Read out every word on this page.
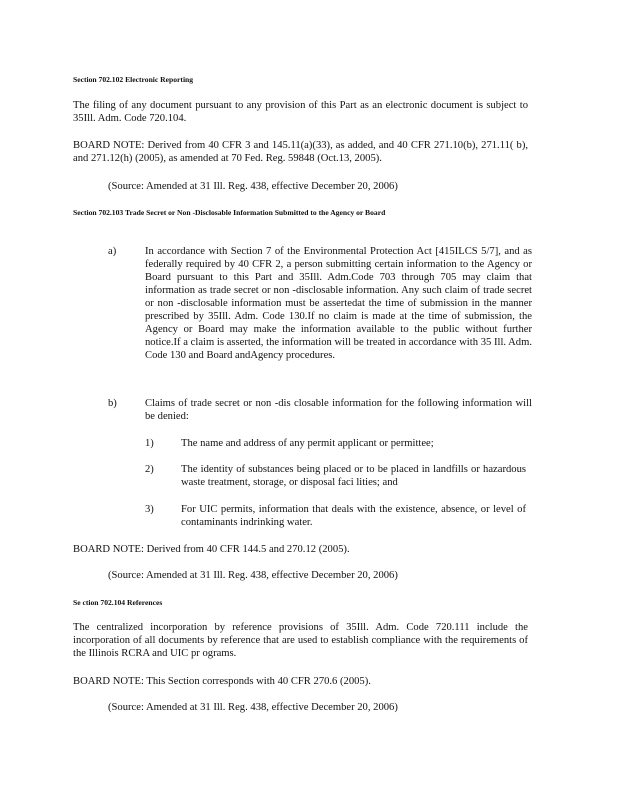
Section 702.102 Electronic Reporting
The filing of any document pursuant to any provision of this Part as an electronic document is subject to 35Ill. Adm. Code 720.104.
BOARD NOTE: Derived from 40 CFR 3 and 145.11(a)(33), as added, and 40 CFR 271.10(b), 271.11( b), and 271.12(h) (2005), as amended at 70 Fed. Reg. 59848 (Oct.13, 2005).
(Source: Amended at 31 Ill. Reg. 438, effective December 20, 2006)
Section 702.103 Trade Secret or Non -Disclosable Information Submitted to the Agency or Board
a)	In accordance with Section 7 of the Environmental Protection Act [415ILCS 5/7], and as federally required by 40 CFR 2, a person submitting certain information to the Agency or Board pursuant to this Part and 35Ill. Adm.Code 703 through 705 may claim that information as trade secret or non -disclosable information. Any such claim of trade secret or non -disclosable information must be assertedat the time of submission in the manner prescribed by 35Ill. Adm. Code 130.If no claim is made at the time of submission, the Agency or Board may make the information available to the public without further notice.If a claim is asserted, the information will be treated in accordance with 35 Ill. Adm. Code 130 and Board andAgency procedures.
b)	Claims of trade secret or non -dis closable information for the following information will be denied:
1)	The name and address of any permit applicant or permittee;
2)	The identity of substances being placed or to be placed in landfills or hazardous waste treatment, storage, or disposal faci lities; and
3)	For UIC permits, information that deals with the existence, absence, or level of contaminants indrinking water.
BOARD NOTE: Derived from 40 CFR 144.5 and 270.12 (2005).
(Source: Amended at 31 Ill. Reg. 438, effective December 20, 2006)
Se ction 702.104 References
The centralized incorporation by reference provisions of 35Ill. Adm. Code 720.111 include the incorporation of all documents by reference that are used to establish compliance with the requirements of the Illinois RCRA and UIC pr ograms.
BOARD NOTE: This Section corresponds with 40 CFR 270.6 (2005).
(Source: Amended at 31 Ill. Reg. 438, effective December 20, 2006)
